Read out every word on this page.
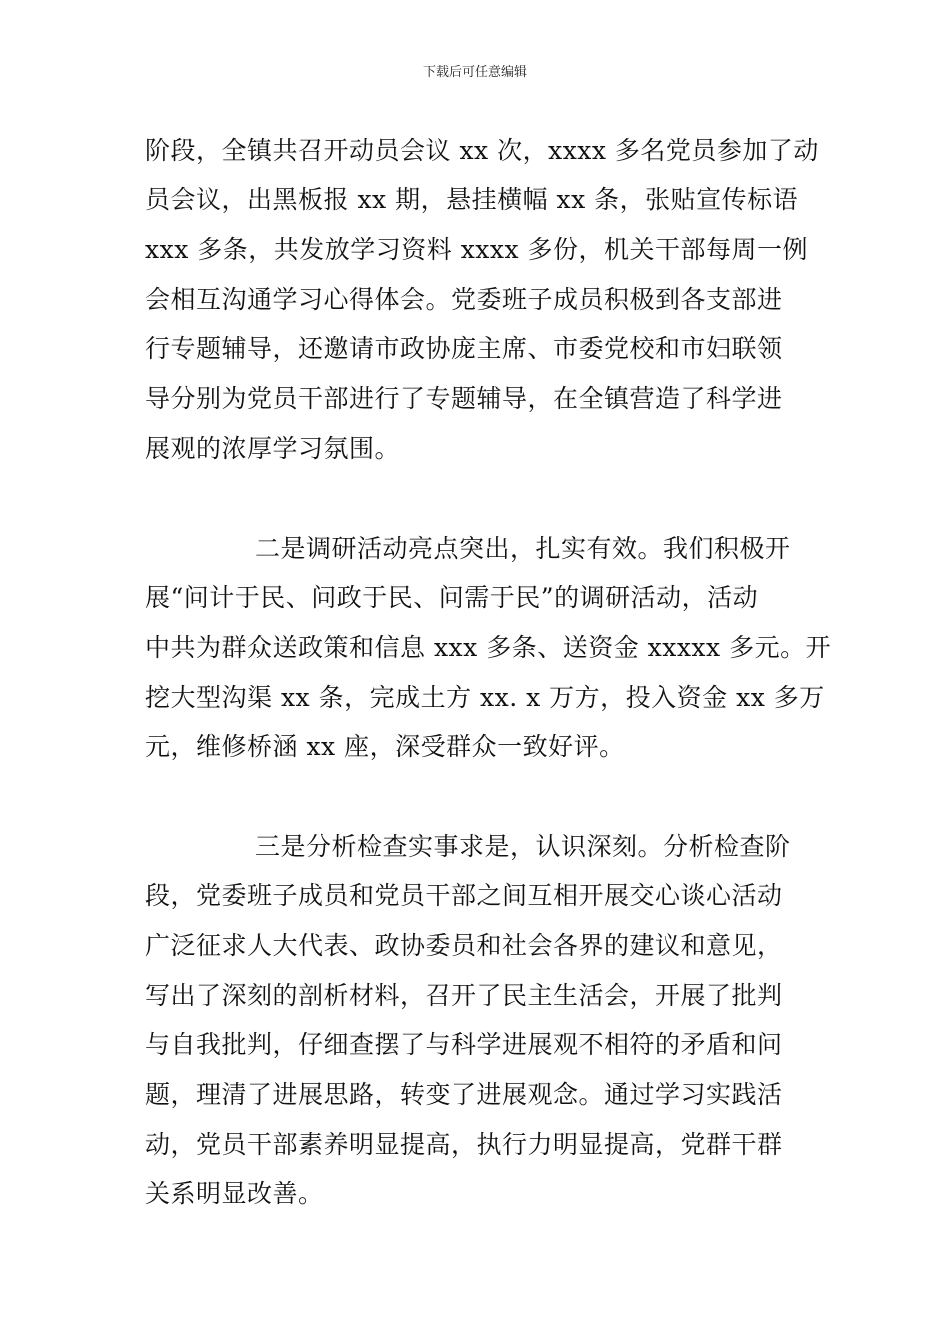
下载后可任意编辑
阶段，全镇共召开动员会议 xx 次，xxxx 多名党员参加了动
员会议，出黑板报 xx 期，悬挂横幅 xx 条，张贴宣传标语
xxx 多条，共发放学习资料 xxxx 多份，机关干部每周一例
会相互沟通学习心得体会。党委班子成员积极到各支部进
行专题辅导，还邀请市政协庞主席、市委党校和市妇联领
导分别为党员干部进行了专题辅导，在全镇营造了科学进
展观的浓厚学习氛围。
二是调研活动亮点突出，扎实有效。我们积极开
展“问计于民、问政于民、问需于民”的调研活动，活动
中共为群众送政策和信息 xxx 多条、送资金 xxxxx 多元。开
挖大型沟渠 xx 条，完成土方 xx. x 万方，投入资金 xx 多万
元，维修桥涵 xx 座，深受群众一致好评。
三是分析检查实事求是，认识深刻。分析检查阶
段，党委班子成员和党员干部之间互相开展交心谈心活动
广泛征求人大代表、政协委员和社会各界的建议和意见，
写出了深刻的剖析材料，召开了民主生活会，开展了批判
与自我批判，仔细查摆了与科学进展观不相符的矛盾和问
题，理清了进展思路，转变了进展观念。通过学习实践活
动，党员干部素养明显提高，执行力明显提高，党群干群
关系明显改善。
